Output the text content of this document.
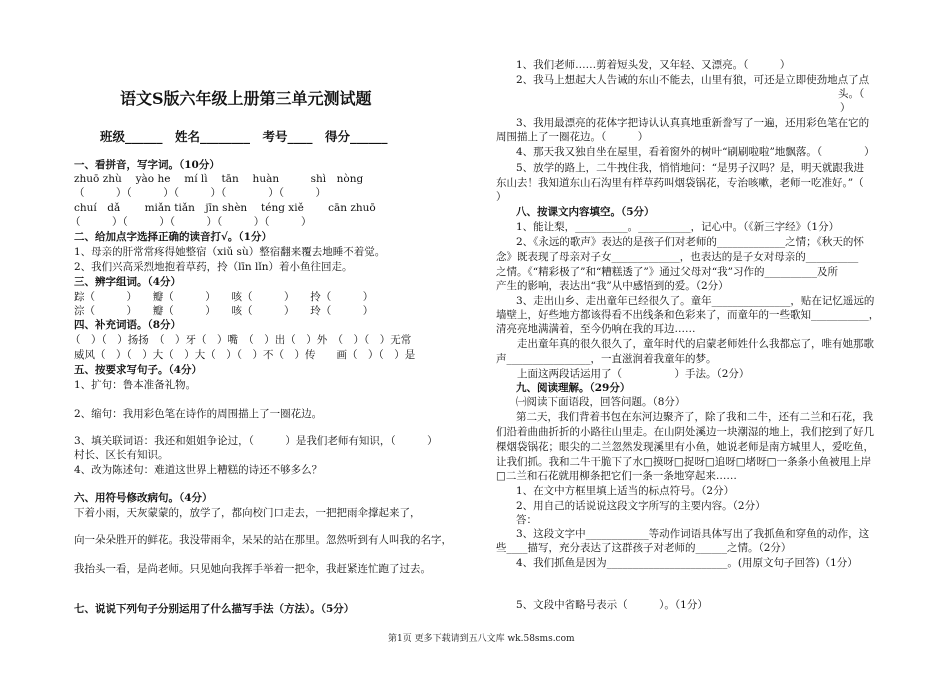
语文S版六年级上册第三单元测试题
班级______　姓名________　考号____　得分______
一、看拼音，写字词。（10分）
zhuō zhù　 yào he　 mí lì　 tān　 huàn　　　shì　nòng
（　　　）（　　　）（　　　）（　　　　）（　　　）
chuí　dǎ　　 miǎn tiǎn　jīn shèn　 téng xiě　　 cān zhuō
（　　　）（　　　）（　　　）（　　　）（　　　）
二、给加点字选择正确的读音打√。（1分）
1、母亲的肝常常疼得她整宿（xiǔ sù）整宿翻来覆去地睡不着觉。
2、我们兴高采烈地抱着草药，拎（līn lǐn）着小鱼往回走。
三、辨字组词。（4分）
踪（　　　）　　瓣（　　　）　　咳（　　　）　　拎（　　　）
淙（　　　）　　瓣（　　　）　　咳（　　　）　　玲（　　　）
四、补充词语。（8分）
（　）（　）扬扬　（　）牙（　）嘴　（　）出（　）外　（　）（　）无常
威风（　）（　）大（　）大（　）（　）不（　）传　　画（　）（　）是
五、按要求写句子。（4分）
1、扩句：鲁本准备礼物。
2、缩句：我用彩色笔在诗作的周围描上了一圈花边。
3、填关联词语：我还和姐姐争论过，（　　　）是我们老师有知识，（　　　）
村长、区长有知识。
4、改为陈述句：难道这世界上糟糕的诗还不够多么？
六、用符号修改病句。（4分）
下着小雨，天灰蒙蒙的，放学了，都向校门口走去，一把把雨伞撑起来了，
向一朵朵胜开的鲜花。我没带雨伞，呆呆的站在那里。忽然听到有人叫我的名字，
我抬头一看，是尚老师。只见她向我挥手举着一把伞，我赶紧连忙跑了过去。
七、说说下列句子分别运用了什么描写手法（方法）。（5分）
1、我们老师……剪着短头发，又年轻、又漂亮。（　　　）
2、我马上想起大人告诫的东山不能去，山里有狼，可还是立即使劲地点了点
头。（
）
3、我用最漂亮的花体字把诗认认真真地重新誊写了一遍，还用彩色笔在它的
周围描上了一圈花边。（　　　）
4、那天我又独自坐在屋里，看着窗外的树叶“刷刷啦啦”地飘落。（　　　　）
5、放学的路上，二牛拽住我，悄悄地问：“是男子汉吗？是，明天就跟我进
东山去！我知道东山石沟里有样草药叫烟袋锅花，专治咳嗽，老师一吃准好。”（
）
八、按课文内容填空。（5分）
1、能让梨，__________。__________，记心中。（《新三字经》（1分）
2、《永远的歌声》表达的是孩子们对老师的_____________之情；《秋天的怀
念》既表现了母亲对子女_____________，也表达的是子女对母亲的__________
之情。《“精彩极了”和“糟糕透了”》通过父母对“我”习作的__________及所
产生的影响，表达出“我”从中感悟到的爱。（2分）
3、走出山乡、走出童年已经很久了。童年_______________，贴在记忆遥远的
墙壁上，好些地方都该得看不出线条和色彩来了，而童年的一些歌知___________，
清亮亮地满满着，至今仍响在我的耳边……
　　走出童年真的很久很久了，童年时代的启蒙老师姓什么我都忘了，唯有她那歌
声________________，一直滋润着我童年的梦。
　　上面这两段话运用了（　　　　　）手法。（2分）
九、阅读理解。（29分）
㈠阅读下面语段，回答问题。（8分）
第二天，我们背着书包在东河边聚齐了，除了我和二牛，还有二兰和石花，我
们沿着曲曲折折的小路往山里走。在山阴处溪边一块潮湿的地上，我们挖到了好几
棵烟袋锅花；眼尖的二兰忽然发现溪里有小鱼，她说老师是南方城里人，爱吃鱼，
让我们抓。我和二牛干脆下了水□摸呀□捉呀□追呀□堵呀□一条条小鱼被甩上岸
□二兰和石花就用柳条把它们一条一条地穿起来……
1、在文中方框里填上适当的标点符号。（2分）
2、用自己的话说说这段文字所写的主要内容。（2分）
答：
3、这段文字中____________等动作词语具体写出了我抓鱼和穿鱼的动作，这
些____描写，充分表达了这群孩子对老师的______之情。（2分）
4、我们抓鱼是因为_______________________。(用原文句子回答)（1分）
5、文段中省略号表示（　　　）。（1分）
第1页 更多下载请到五八文库 wk.58sms.com
